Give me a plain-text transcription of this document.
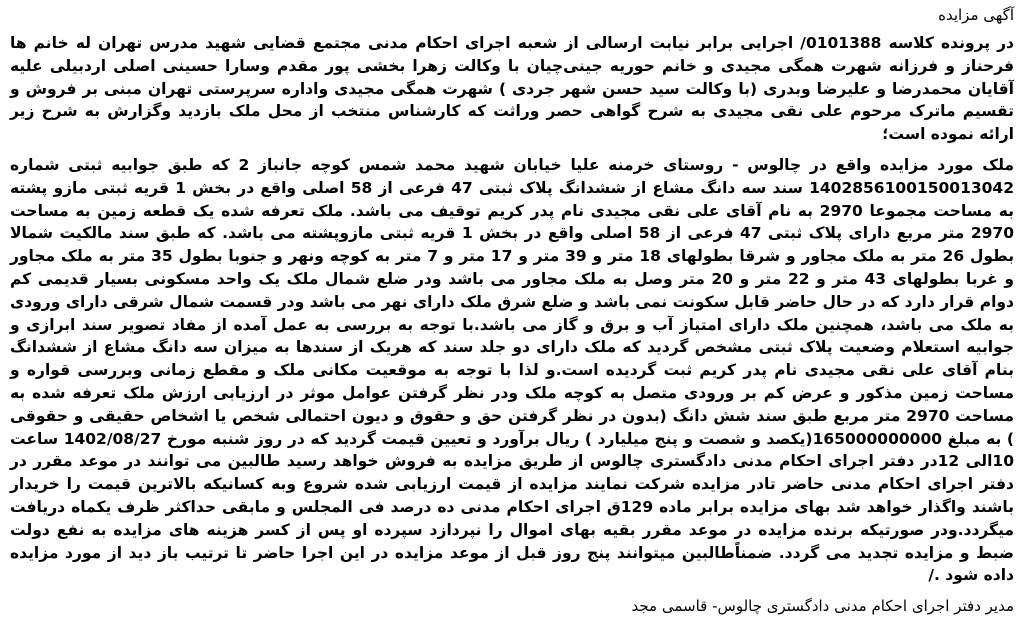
آگهی مزایده
در پرونده کلاسه 0101388/ اجرایی برابر نیابت ارسالی از شعبه اجرای احکام مدنی مجتمع قضایی شهید مدرس تهران له خانم ها فرحناز و فرزانه شهرت همگی مجیدی و خانم حوریه جینی‌چیان با وکالت زهرا بخشی پور مقدم وسارا حسینی اصلی اردبیلی علیه آقایان محمدرضا و علیرضا وبدری (با وکالت سید حسن شهر جردی ) شهرت همگی مجیدی واداره سرپرستی تهران مبنی بر فروش و تقسیم ماترک مرحوم علی نقی مجیدی به شرح گواهی حصر وراثت که کارشناس منتخب از محل ملک بازدید وگزارش به شرح زیر ارائه نموده است؛
ملک مورد مزایده واقع در چالوس - روستای خرمنه علیا خیابان شهید محمد شمس کوچه جانباز 2 که طبق جوابیه ثبتی شماره 1402856100150013042 سند سه دانگ مشاع از ششدانگ پلاک ثبتی 47 فرعی از 58 اصلی واقع در بخش 1 قریه ثبتی مازو پشته به مساحت مجموعا 2970 به نام آقای علی نقی مجیدی نام پدر کریم توقیف می باشد. ملک تعرفه شده یک قطعه زمین به مساحت 2970 متر مربع دارای پلاک ثبتی 47 فرعی از 58 اصلی واقع در بخش 1 قریه ثبتی مازوپشته می باشد. که طبق سند مالکیت شمالا بطول 26 متر به ملک مجاور و شرقا بطولهای 18 متر و 39 متر و 17 متر و 7 متر به کوچه ونهر و جنوبا بطول 35 متر به ملک مجاور و غربا بطولهای 43 متر و 22 متر و 20 متر وصل به ملک مجاور می باشد ودر ضلع شمال ملک یک واحد مسکونی بسیار قدیمی کم دوام قرار دارد که در حال حاضر قابل سکونت نمی باشد و ضلع شرق ملک دارای نهر می باشد ودر قسمت شمال شرقی دارای ورودی به ملک می باشد، همچنین ملک دارای امتیاز آب و برق و گاز می باشد.با توجه به بررسی به عمل آمده از مفاد تصویر سند ابرازی و جوابیه استعلام وضعیت پلاک ثبتی مشخص گردید که ملک دارای دو جلد سند که هریک از سندها به میزان سه دانگ مشاع از ششدانگ بنام آقای علی نقی مجیدی نام پدر کریم ثبت گردیده است.و لذا با توجه به موقعیت مکانی ملک و مقطع زمانی وبررسی قواره و مساحت زمین مذکور و عرض کم بر ورودی متصل به کوچه ملک ودر نظر گرفتن عوامل موثر در ارزیابی ارزش ملک تعرفه شده به مساحت 2970 متر مربع طبق سند شش دانگ (بدون در نظر گرفتن حق و حقوق و دیون احتمالی شخص یا اشخاص حقیقی و حقوقی ) به مبلغ 165000000000(یکصد و شصت و پنج میلیارد ) ریال برآورد و تعیین قیمت گردید که در روز شنبه مورخ 1402/08/27 ساعت 10الی 12در دفتر اجرای احکام مدنی دادگستری چالوس از طریق مزایده به فروش خواهد رسید طالبین می توانند در موعد مقرر در دفتر اجرای احکام مدنی حاضر تادر مزایده شرکت نمایند مزایده از قیمت ارزیابی شده شروع وبه کسانیکه بالاترین قیمت را خریدار باشند واگذار خواهد شد بهای مزایده برابر ماده 129ق اجرای احکام مدنی ده درصد فی المجلس و مابقی حداکثر ظرف یکماه دریافت میگردد.ودر صورتیکه برنده مزایده در موعد مقرر بقیه بهای اموال را نپردازد سپرده او پس از کسر هزینه های مزایده به نفع دولت ضبط و مزایده تجدید می گردد. ضمناًطالبین میتوانند پنج روز قبل از موعد مزایده در این اجرا حاضر تا ترتیب باز دید از مورد مزایده داده شود ./
مدیر دفتر اجرای احکام مدنی دادگستری چالوس- قاسمی مجد
